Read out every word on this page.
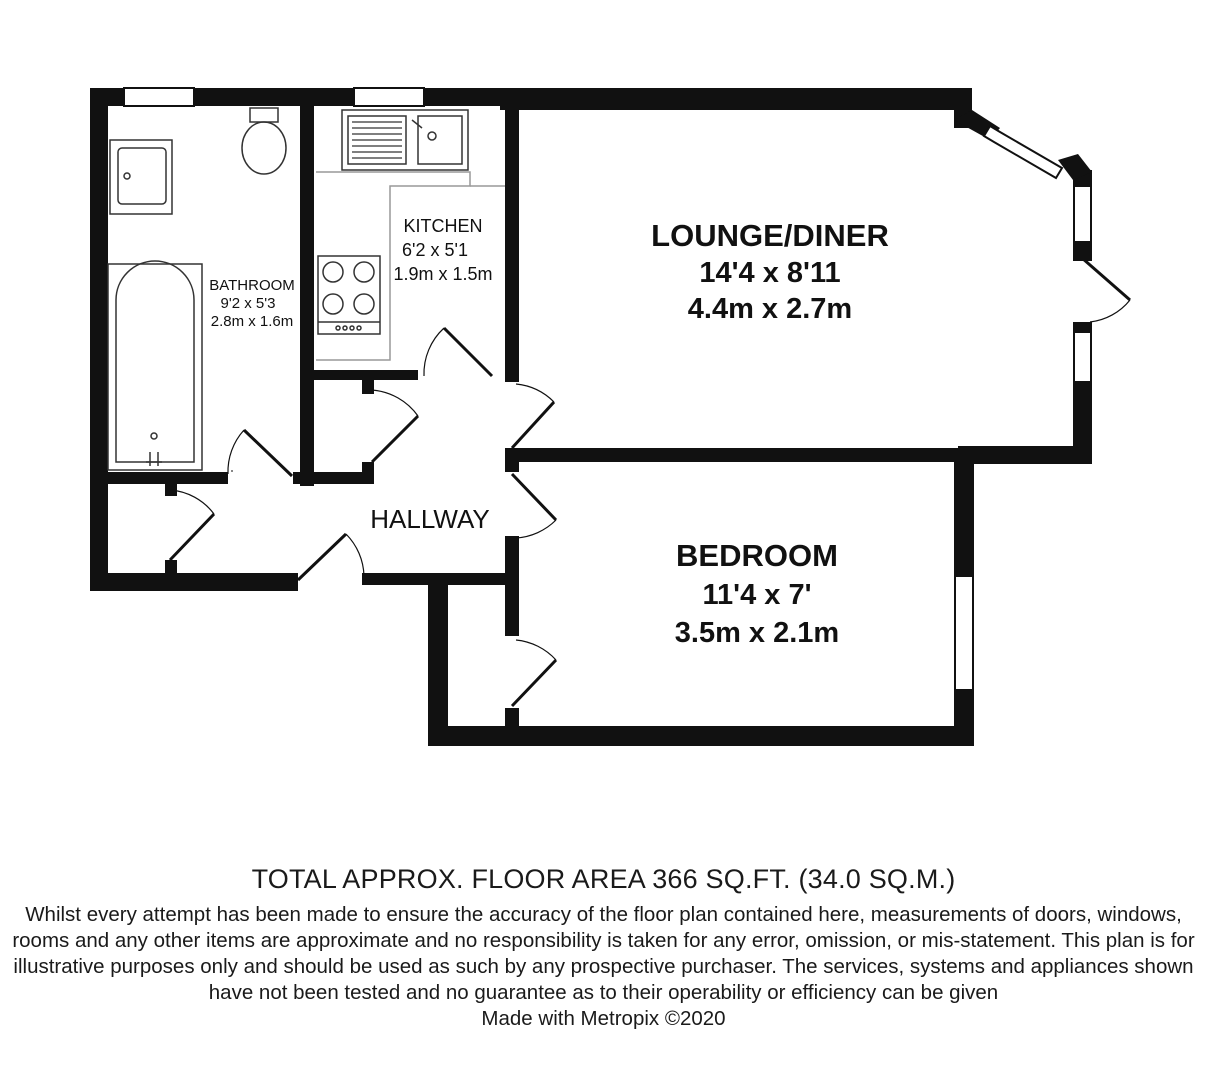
KITCHEN
6'2 x 5'1
1.9m x 1.5m
BATHROOM
9'2 x 5'3
2.8m x 1.6m
LOUNGE/DINER
14'4 x 8'11
4.4m x 2.7m
HALLWAY
BEDROOM
11'4 x 7'
3.5m x 2.1m
TOTAL APPROX. FLOOR AREA 366 SQ.FT. (34.0 SQ.M.)
Whilst every attempt has been made to ensure the accuracy of the floor plan contained here, measurements of doors, windows, rooms and any other items are approximate and no responsibility is taken for any error, omission, or mis-statement. This plan is for illustrative purposes only and should be used as such by any prospective purchaser. The services, systems and appliances shown have not been tested and no guarantee as to their operability or efficiency can be given
Made with Metropix ©2020
